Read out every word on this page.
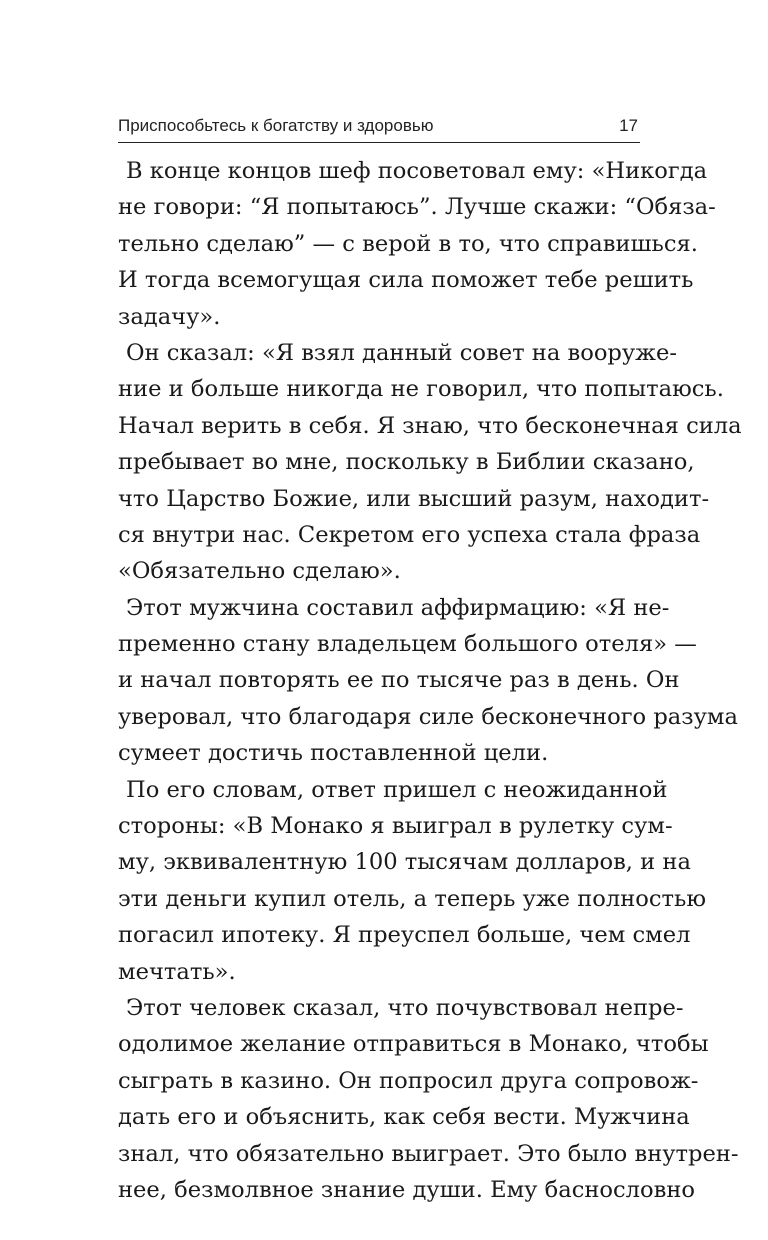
Приспособьтесь к богатству и здоровью	17
В конце концов шеф посоветовал ему: «Никогда
не говори: “Я попытаюсь”. Лучше скажи: “Обяза-
тельно сделаю” — с верой в то, что справишься.
И тогда всемогущая сила поможет тебе решить
задачу».
Он сказал: «Я взял данный совет на вооруже-
ние и больше никогда не говорил, что попытаюсь.
Начал верить в себя. Я знаю, что бесконечная сила
пребывает во мне, поскольку в Библии сказано,
что Царство Божие, или высший разум, находит-
ся внутри нас. Секретом его успеха стала фраза
«Обязательно сделаю».
Этот мужчина составил аффирмацию: «Я не-
пременно стану владельцем большого отеля» —
и начал повторять ее по тысяче раз в день. Он
уверовал, что благодаря силе бесконечного разума
сумеет достичь поставленной цели.
По его словам, ответ пришел с неожиданной
стороны: «В Монако я выиграл в рулетку сум-
му, эквивалентную 100 тысячам долларов, и на
эти деньги купил отель, а теперь уже полностью
погасил ипотеку. Я преуспел больше, чем смел
мечтать».
Этот человек сказал, что почувствовал непре-
одолимое желание отправиться в Монако, чтобы
сыграть в казино. Он попросил друга сопровож-
дать его и объяснить, как себя вести. Мужчина
знал, что обязательно выиграет. Это было внутрен-
нее, безмолвное знание души. Ему баснословно
